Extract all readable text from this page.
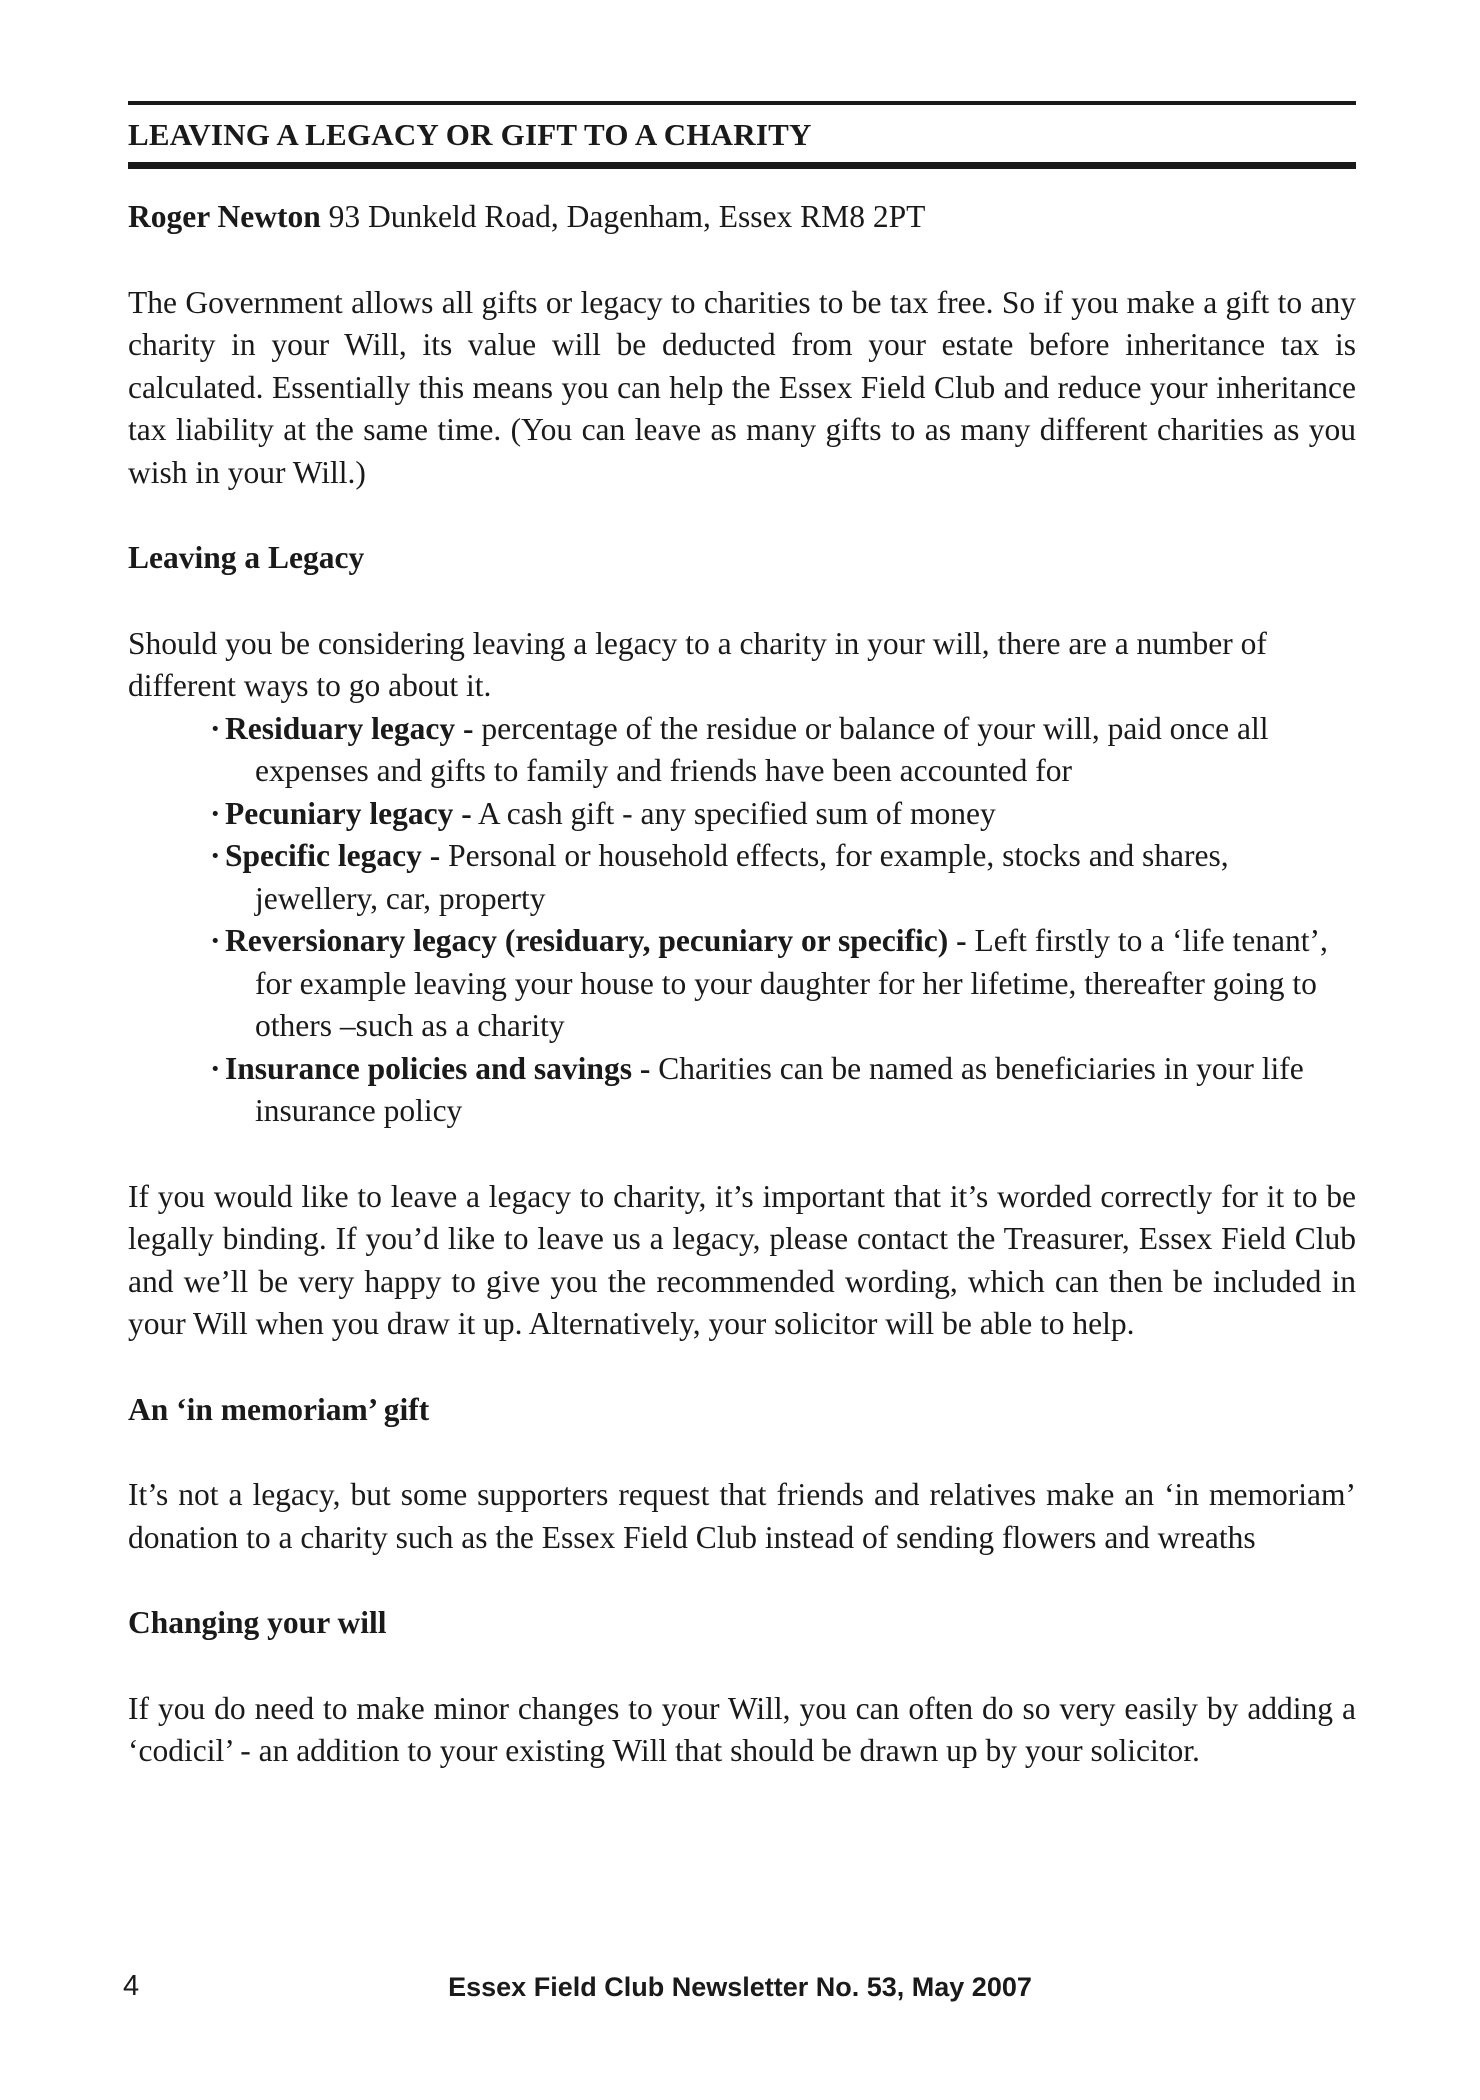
LEAVING A LEGACY OR GIFT TO A CHARITY

Roger Newton 93 Dunkeld Road, Dagenham, Essex RM8 2PT

The Government allows all gifts or legacy to charities to be tax free. So if you make a gift to any charity in your Will, its value will be deducted from your estate before inheritance tax is calculated. Essentially this means you can help the Essex Field Club and reduce your inheritance tax liability at the same time. (You can leave as many gifts to as many different charities as you wish in your Will.)

Leaving a Legacy

Should you be considering leaving a legacy to a charity in your will, there are a number of different ways to go about it.

· Residuary legacy - percentage of the residue or balance of your will, paid once all expenses and gifts to family and friends have been accounted for
· Pecuniary legacy - A cash gift - any specified sum of money
· Specific legacy - Personal or household effects, for example, stocks and shares, jewellery, car, property
· Reversionary legacy (residuary, pecuniary or specific) - Left firstly to a ‘life tenant’, for example leaving your house to your daughter for her lifetime, thereafter going to others –such as a charity
· Insurance policies and savings - Charities can be named as beneficiaries in your life insurance policy

If you would like to leave a legacy to charity, it’s important that it’s worded correctly for it to be legally binding. If you’d like to leave us a legacy, please contact the Treasurer, Essex Field Club and we’ll be very happy to give you the recommended wording, which can then be included in your Will when you draw it up. Alternatively, your solicitor will be able to help.

An ‘in memoriam’ gift

It’s not a legacy, but some supporters request that friends and relatives make an ‘in memoriam’ donation to a charity such as the Essex Field Club instead of sending flowers and wreaths

Changing your will

If you do need to make minor changes to your Will, you can often do so very easily by adding a ‘codicil’ - an addition to your existing Will that should be drawn up by your solicitor.

4	Essex Field Club Newsletter No. 53, May 2007
